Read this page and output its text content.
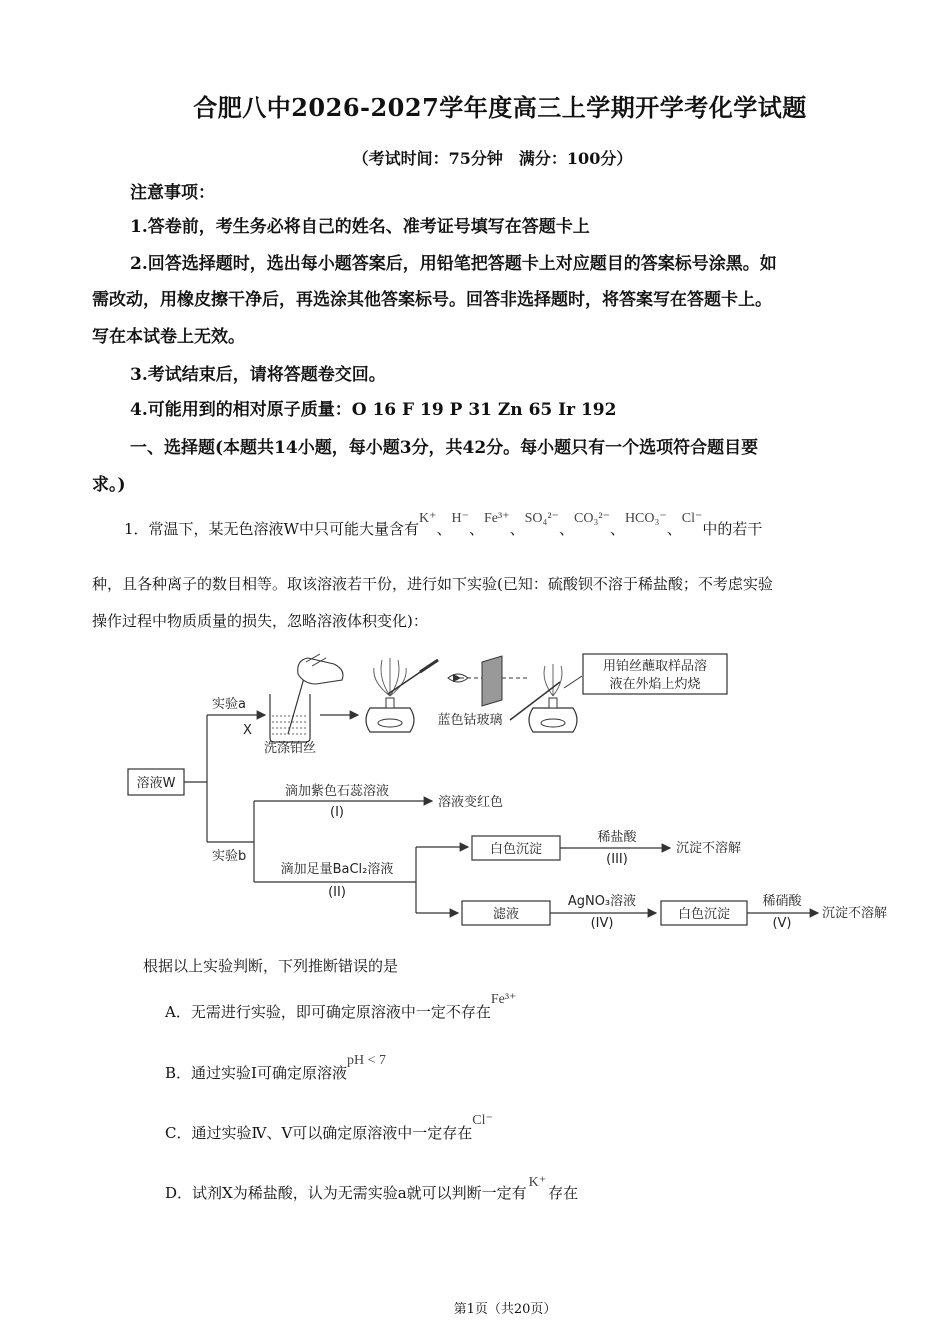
合肥八中2026-2027学年度高三上学期开学考化学试题
（考试时间：75分钟　满分：100分）
注意事项：
1.答卷前，考生务必将自己的姓名、准考证号填写在答题卡上
2.回答选择题时，选出每小题答案后，用铅笔把答题卡上对应题目的答案标号涂黑。如
需改动，用橡皮擦干净后，再选涂其他答案标号。回答非选择题时，将答案写在答题卡上。
写在本试卷上无效。
3.考试结束后，请将答题卷交回。
4.可能用到的相对原子质量：O 16 F 19 P 31 Zn 65 Ir 192
一、选择题(本题共14小题，每小题3分，共42分。每小题只有一个选项符合题目要
求。)
1．常温下，某无色溶液W中只可能大量含有K⁺、H⁻、Fe³⁺、SO₄²⁻、CO₃²⁻、HCO₃⁻、Cl⁻中的若干
种，且各种离子的数目相等。取该溶液若干份，进行如下实验(已知：硫酸钡不溶于稀盐酸；不考虑实验
操作过程中物质质量的损失，忽略溶液体积变化)：
溶液W
实验a
X
洗涤铂丝
蓝色钴玻璃
用铂丝蘸取样品溶
液在外焰上灼烧
实验b
滴加紫色石蕊溶液
(I)
溶液变红色
滴加足量BaCl₂溶液
(II)
白色沉淀
稀盐酸
(III)
沉淀不溶解
滤液
AgNO₃溶液
(IV)
白色沉淀
稀硝酸
(V)
沉淀不溶解
根据以上实验判断，下列推断错误的是
A．无需进行实验，即可确定原溶液中一定不存在Fe³⁺
B．通过实验Ⅰ可确定原溶液pH < 7
C．通过实验Ⅳ、Ⅴ可以确定原溶液中一定存在Cl⁻
D．试剂X为稀盐酸，认为无需实验a就可以判断一定有K⁺存在
第1页（共20页）
